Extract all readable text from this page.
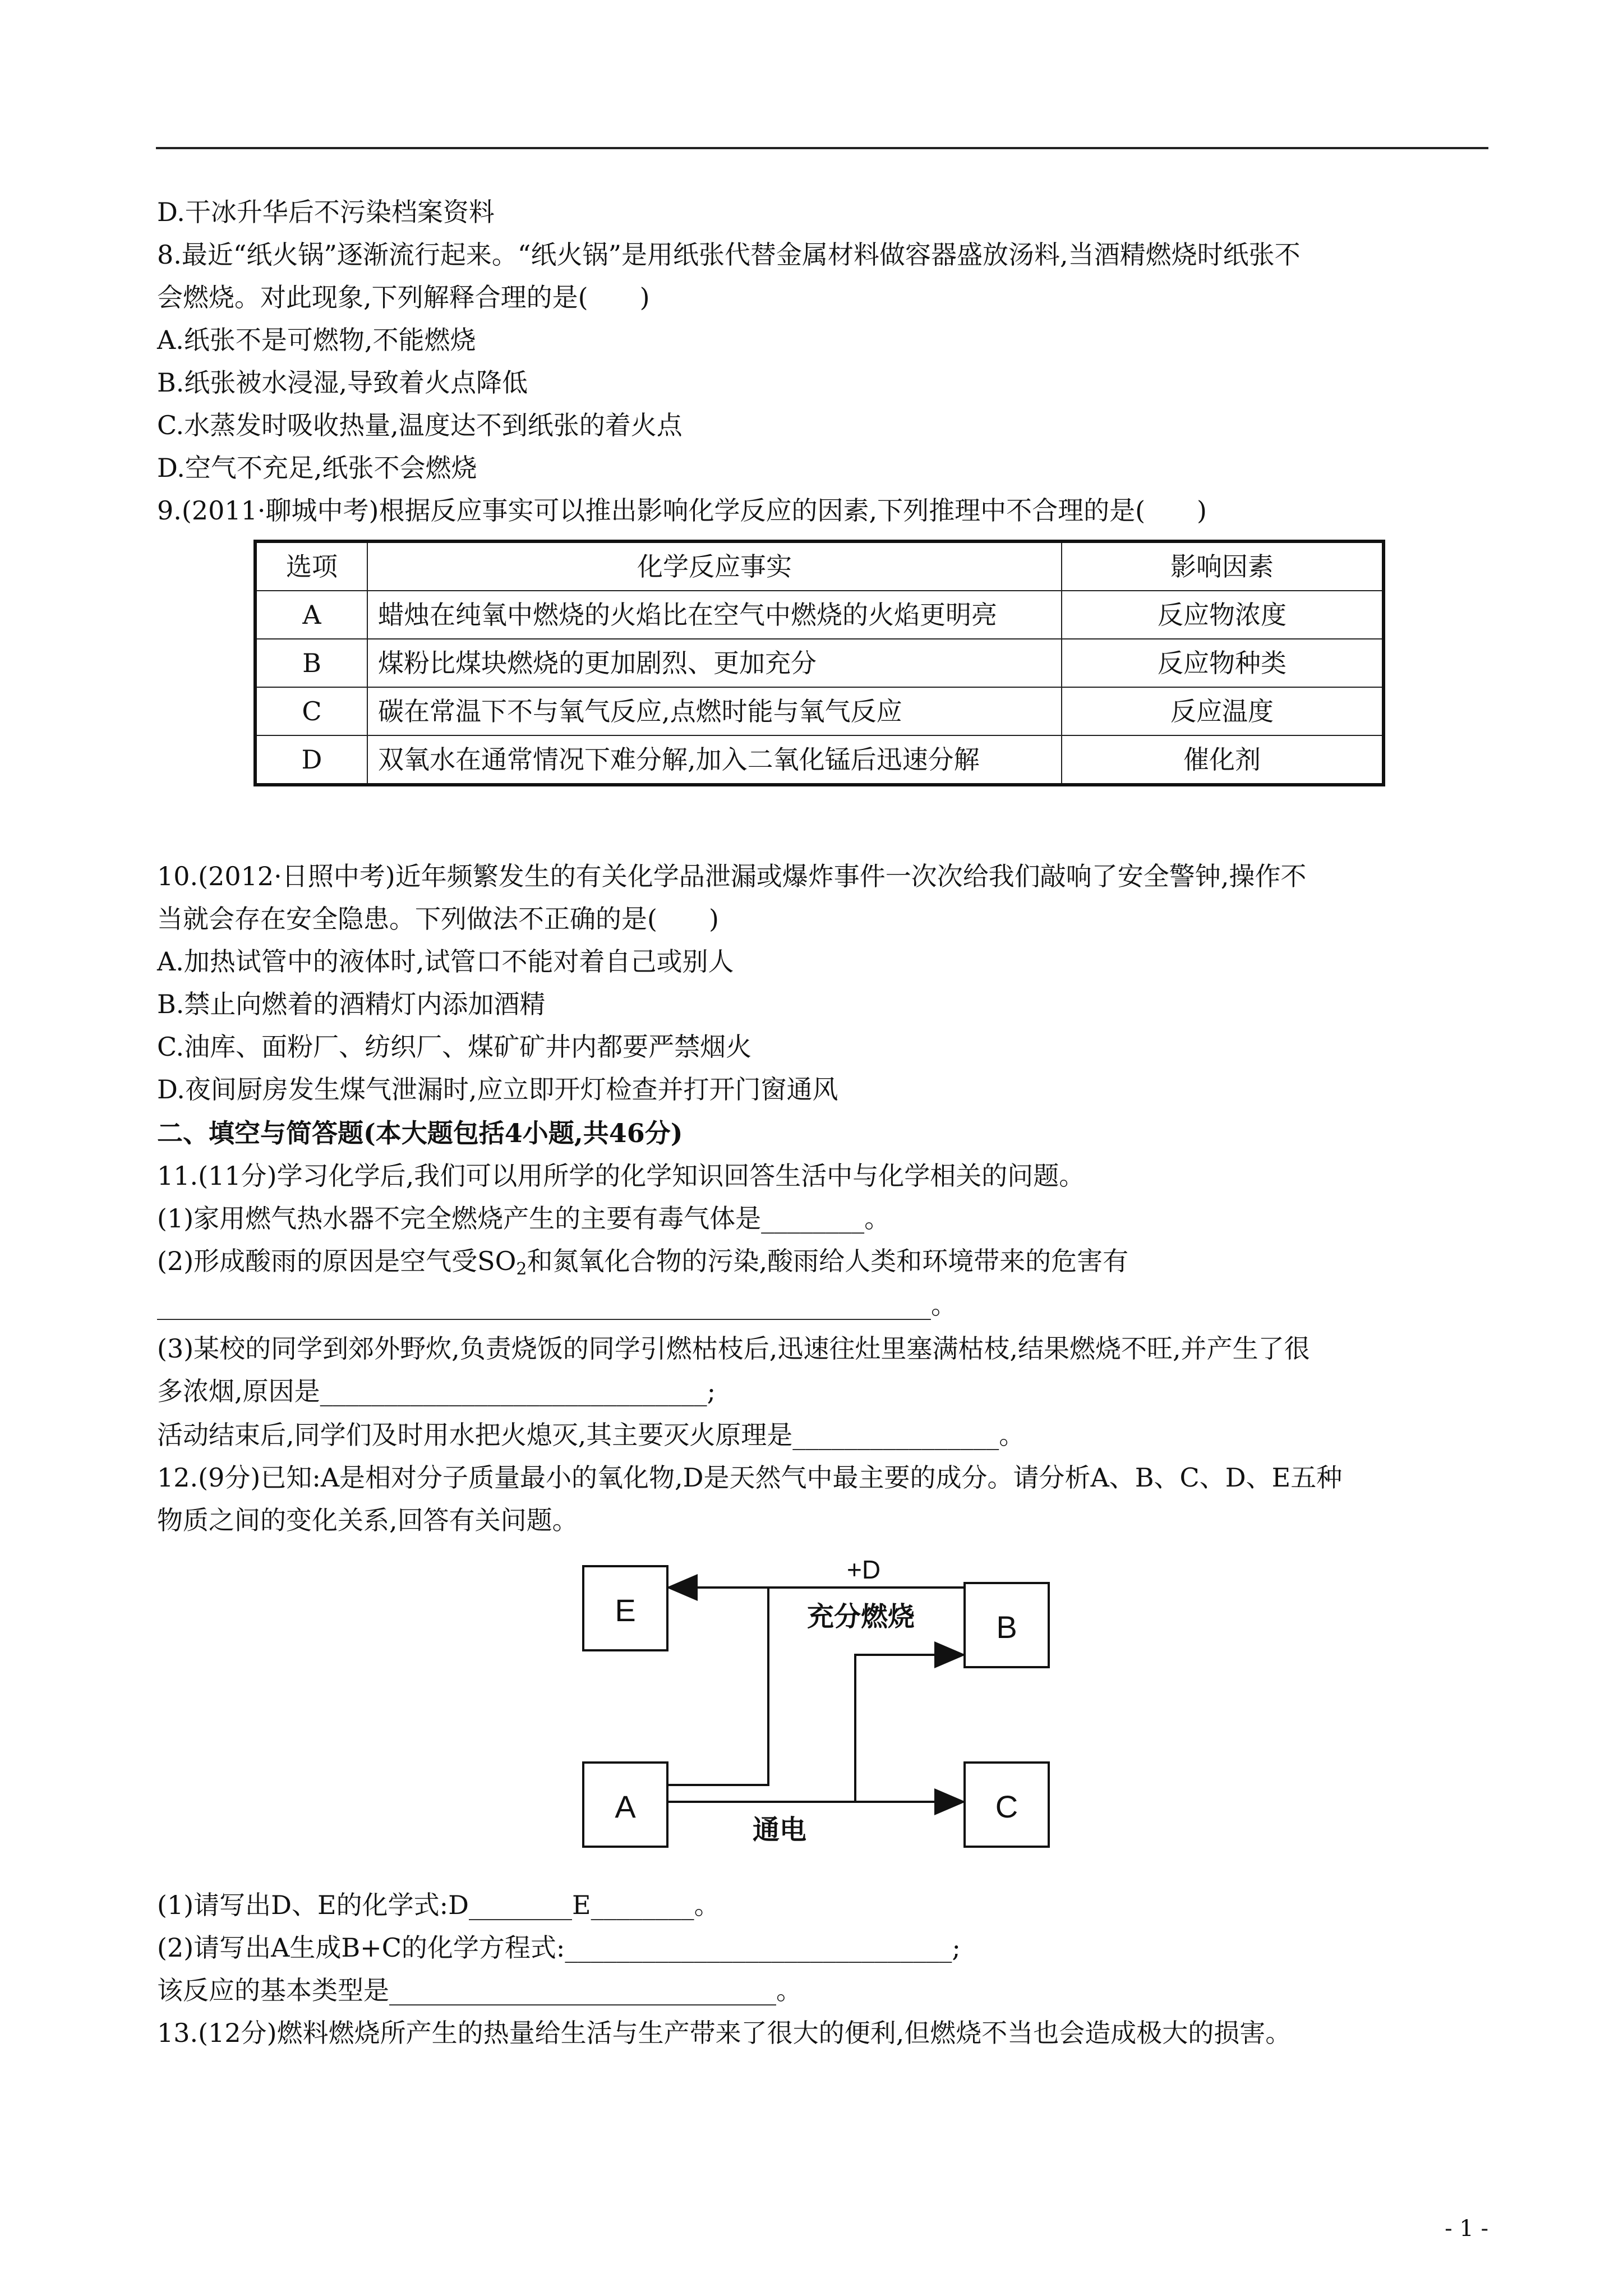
D.干冰升华后不污染档案资料
8.最近“纸火锅”逐渐流行起来。“纸火锅”是用纸张代替金属材料做容器盛放汤料,当酒精燃烧时纸张不
会燃烧。对此现象,下列解释合理的是(　　)
A.纸张不是可燃物,不能燃烧
B.纸张被水浸湿,导致着火点降低
C.水蒸发时吸收热量,温度达不到纸张的着火点
D.空气不充足,纸张不会燃烧
9.(2011·聊城中考)根据反应事实可以推出影响化学反应的因素,下列推理中不合理的是(　　)
选项	化学反应事实	影响因素
A	蜡烛在纯氧中燃烧的火焰比在空气中燃烧的火焰更明亮	反应物浓度
B	煤粉比煤块燃烧的更加剧烈、更加充分	反应物种类
C	碳在常温下不与氧气反应,点燃时能与氧气反应	反应温度
D	双氧水在通常情况下难分解,加入二氧化锰后迅速分解	催化剂
10.(2012·日照中考)近年频繁发生的有关化学品泄漏或爆炸事件一次次给我们敲响了安全警钟,操作不
当就会存在安全隐患。下列做法不正确的是(　　)
A.加热试管中的液体时,试管口不能对着自己或别人
B.禁止向燃着的酒精灯内添加酒精
C.油库、面粉厂、纺织厂、煤矿矿井内都要严禁烟火
D.夜间厨房发生煤气泄漏时,应立即开灯检查并打开门窗通风
二、填空与简答题(本大题包括4小题,共46分)
11.(11分)学习化学后,我们可以用所学的化学知识回答生活中与化学相关的问题。
(1)家用燃气热水器不完全燃烧产生的主要有毒气体是________。
(2)形成酸雨的原因是空气受$SO_2$和氮氧化合物的污染,酸雨给人类和环境带来的危害有
____________________________________________________________。
(3)某校的同学到郊外野炊,负责烧饭的同学引燃枯枝后,迅速往灶里塞满枯枝,结果燃烧不旺,并产生了很
多浓烟,原因是______________________________;
活动结束后,同学们及时用水把火熄灭,其主要灭火原理是________________。
12.(9分)已知:A是相对分子质量最小的氧化物,D是天然气中最主要的成分。请分析A、B、C、D、E五种
物质之间的变化关系,回答有关问题。
E	B
A	C
+D
充分燃烧
通电
(1)请写出D、E的化学式:D________E________。
(2)请写出A生成B+C的化学方程式:______________________________;
该反应的基本类型是______________________________。
13.(12分)燃料燃烧所产生的热量给生活与生产带来了很大的便利,但燃烧不当也会造成极大的损害。
- 1 -
